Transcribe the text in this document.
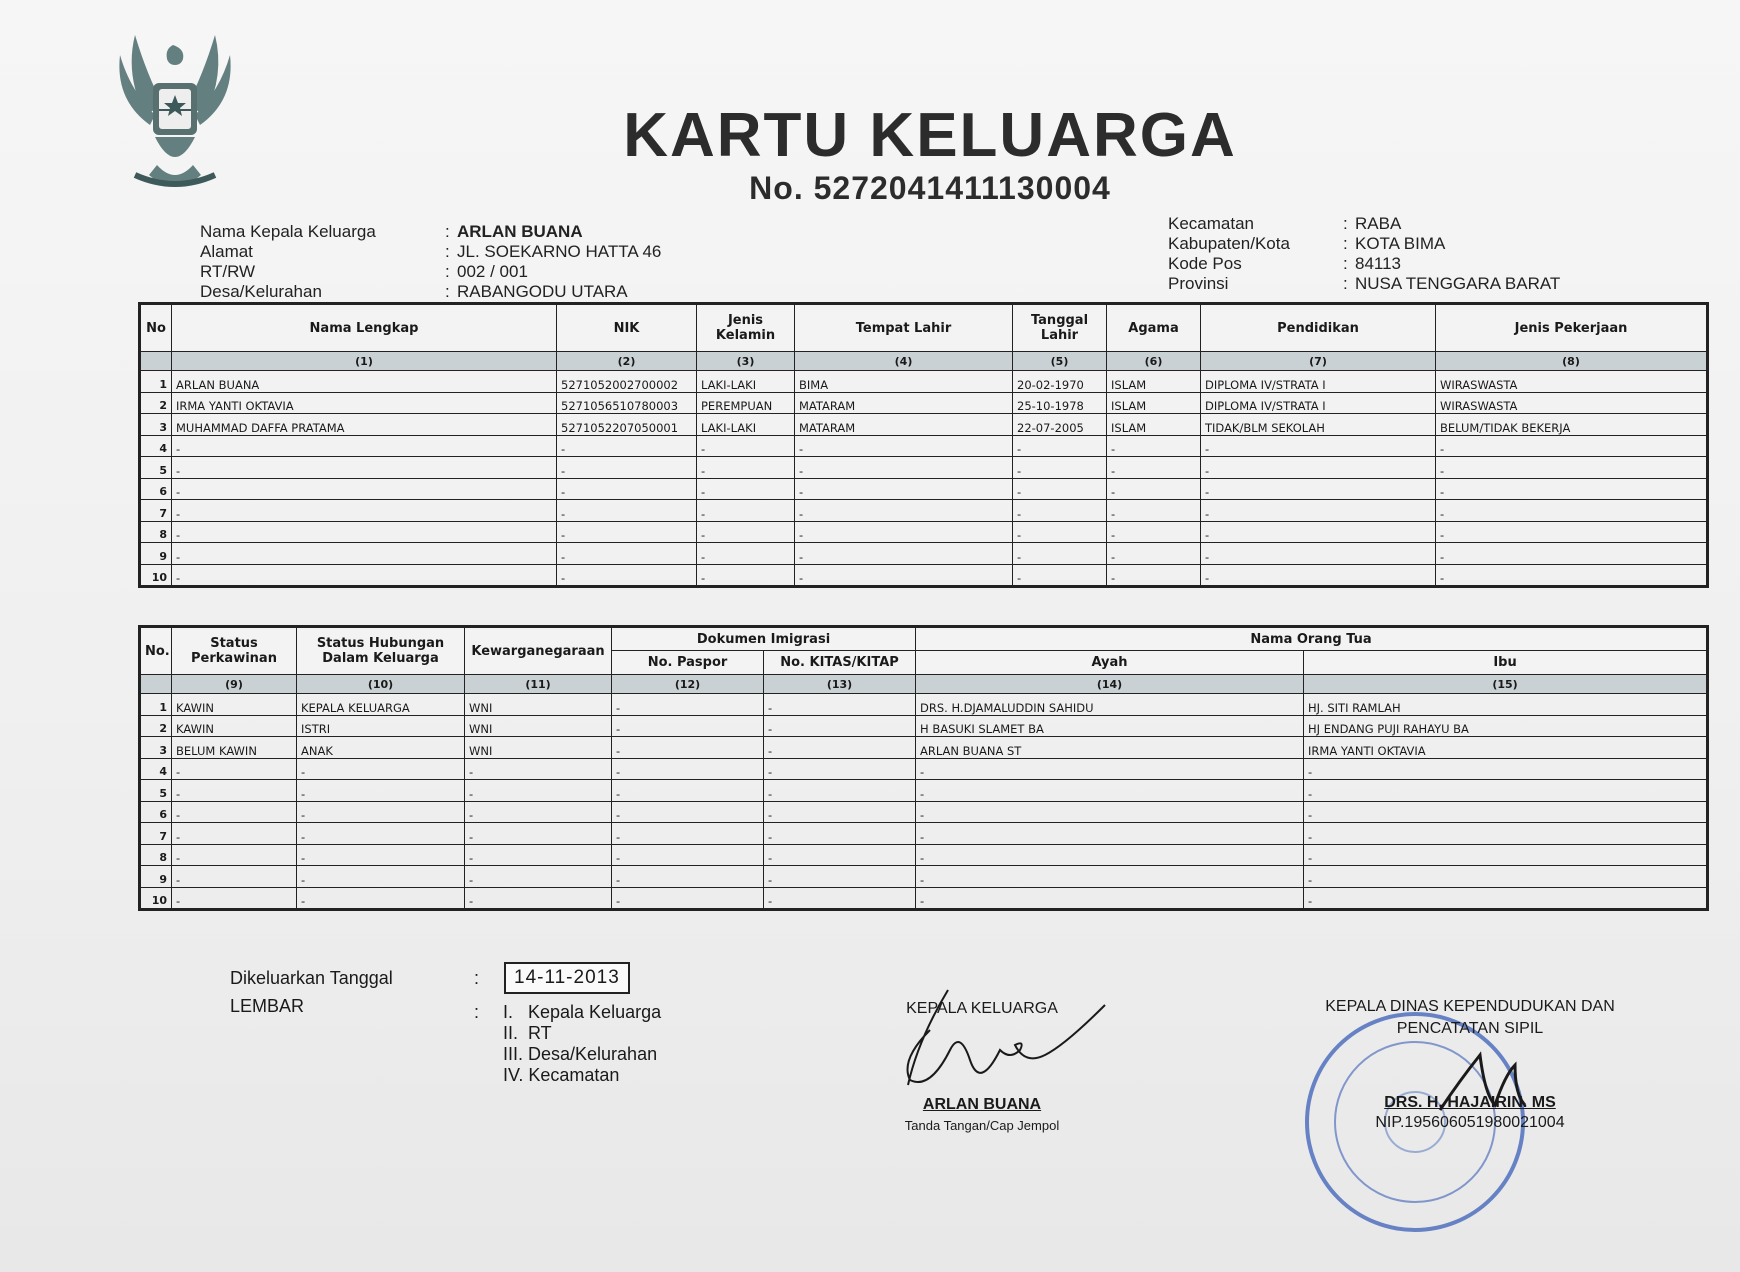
KARTU KELUARGA
No. 5272041411130004
Nama Kepala Keluarga	: ARLAN BUANA
Alamat	: JL. SOEKARNO HATTA 46
RT/RW	: 002 / 001
Desa/Kelurahan	: RABANGODU UTARA
Kecamatan	: RABA
Kabupaten/Kota	: KOTA BIMA
Kode Pos	: 84113
Provinsi	: NUSA TENGGARA BARAT
No	Nama Lengkap	NIK	Jenis Kelamin	Tempat Lahir	Tanggal Lahir	Agama	Pendidikan	Jenis Pekerjaan
	(1)	(2)	(3)	(4)	(5)	(6)	(7)	(8)
1	ARLAN BUANA	5271052002700002	LAKI-LAKI	BIMA	20-02-1970	ISLAM	DIPLOMA IV/STRATA I	WIRASWASTA
2	IRMA YANTI OKTAVIA	5271056510780003	PEREMPUAN	MATARAM	25-10-1978	ISLAM	DIPLOMA IV/STRATA I	WIRASWASTA
3	MUHAMMAD DAFFA PRATAMA	5271052207050001	LAKI-LAKI	MATARAM	22-07-2005	ISLAM	TIDAK/BLM SEKOLAH	BELUM/TIDAK BEKERJA
4	-	-	-	-	-	-	-	-
5	-	-	-	-	-	-	-	-
6	-	-	-	-	-	-	-	-
7	-	-	-	-	-	-	-	-
8	-	-	-	-	-	-	-	-
9	-	-	-	-	-	-	-	-
10	-	-	-	-	-	-	-	-
No.	Status Perkawinan	Status Hubungan Dalam Keluarga	Kewarganegaraan	Dokumen Imigrasi		Nama Orang Tua	
				No. Paspor	No. KITAS/KITAP	Ayah	Ibu
	(9)	(10)	(11)	(12)	(13)	(14)	(15)
1	KAWIN	KEPALA KELUARGA	WNI	-	-	DRS. H.DJAMALUDDIN SAHIDU	HJ. SITI RAMLAH
2	KAWIN	ISTRI	WNI	-	-	H BASUKI SLAMET BA	HJ ENDANG PUJI RAHAYU BA
3	BELUM KAWIN	ANAK	WNI	-	-	ARLAN BUANA ST	IRMA YANTI OKTAVIA
4	-	-	-	-	-	-	-
5	-	-	-	-	-	-	-
6	-	-	-	-	-	-	-
7	-	-	-	-	-	-	-
8	-	-	-	-	-	-	-
9	-	-	-	-	-	-	-
10	-	-	-	-	-	-	-
Dikeluarkan Tanggal	:	14-11-2013
LEMBAR	: I.   Kepala Keluarga
II.  RT
III. Desa/Kelurahan
IV. Kecamatan
KEPALA KELUARGA
ARLAN BUANA
Tanda Tangan/Cap Jempol
KEPALA DINAS KEPENDUDUKAN DAN
PENCATATAN SIPIL
DRS. H. HAJAIRIN. MS
NIP.195606051980021004
